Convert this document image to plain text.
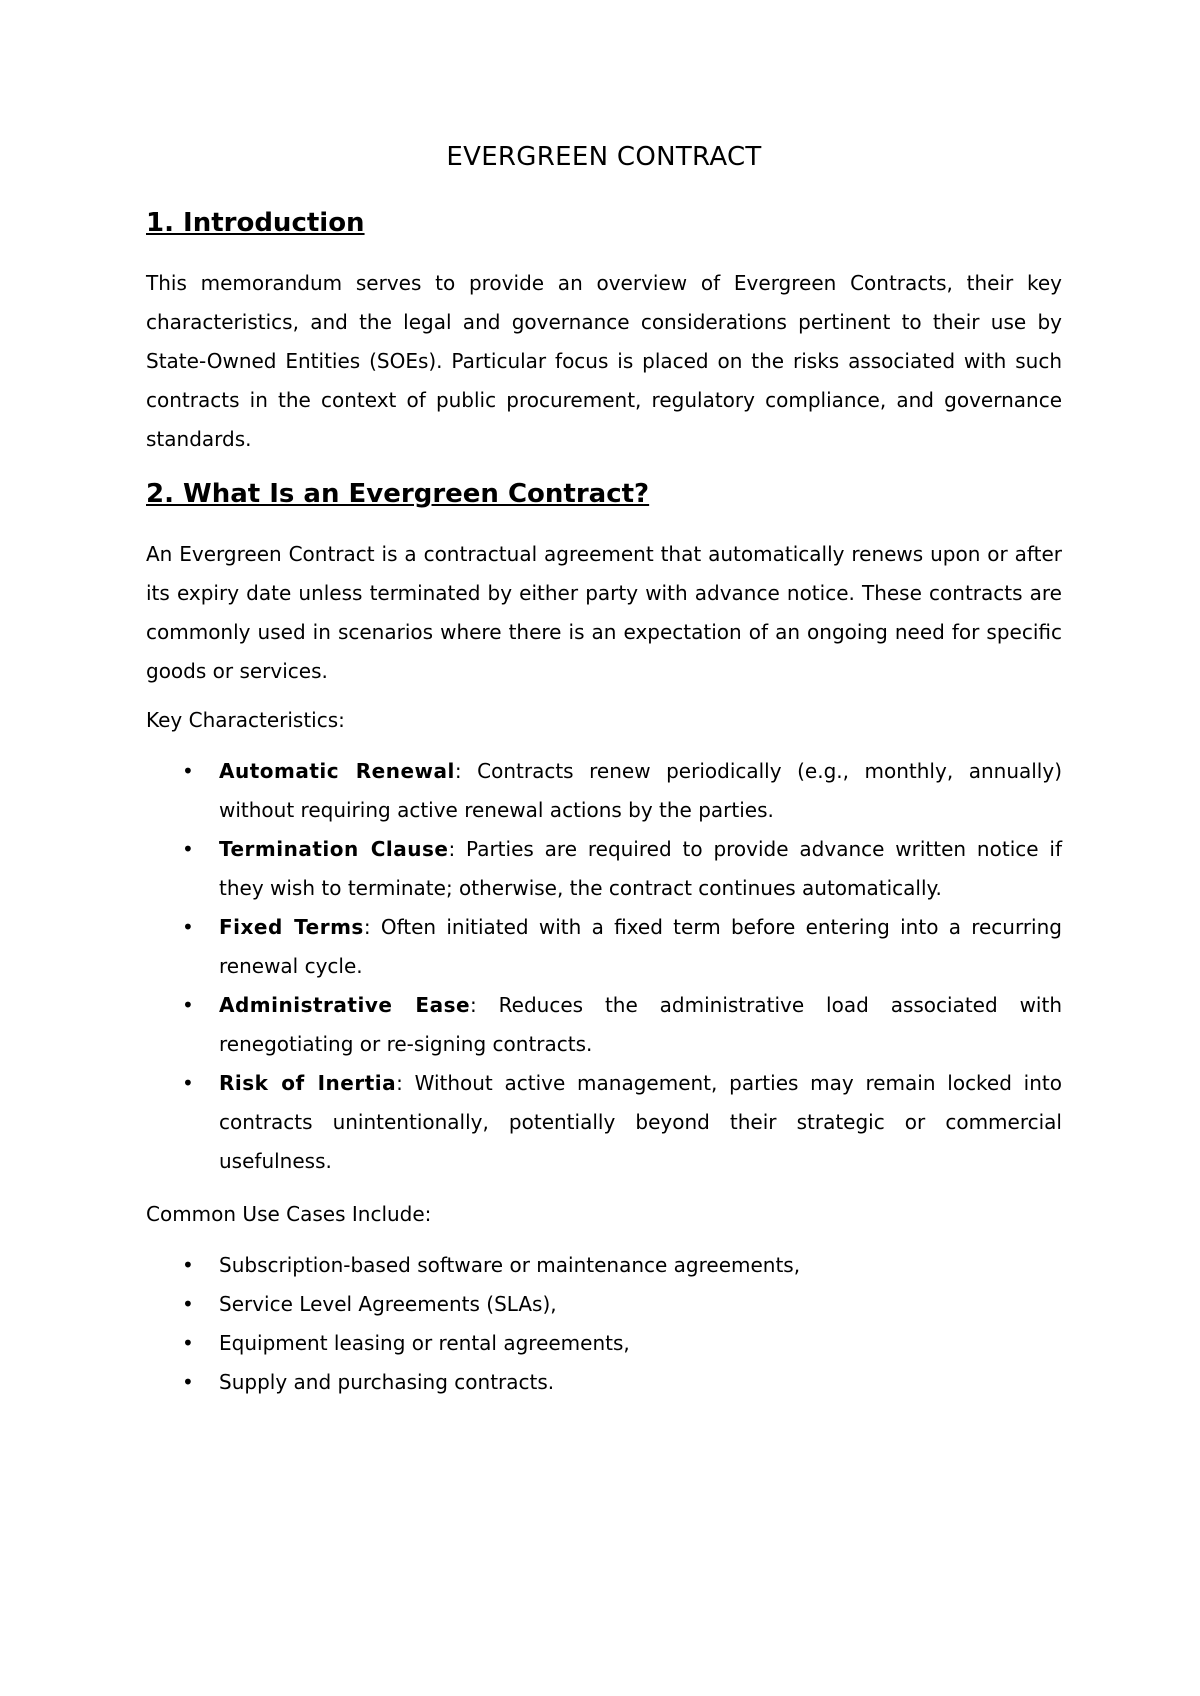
EVERGREEN CONTRACT
1. Introduction

This memorandum serves to provide an overview of Evergreen Contracts, their key characteristics, and the legal and governance considerations pertinent to their use by State-Owned Entities (SOEs). Particular focus is placed on the risks associated with such contracts in the context of public procurement, regulatory compliance, and governance standards.

2. What Is an Evergreen Contract?

An Evergreen Contract is a contractual agreement that automatically renews upon or after its expiry date unless terminated by either party with advance notice. These contracts are commonly used in scenarios where there is an expectation of an ongoing need for specific goods or services.

Key Characteristics:

• Automatic Renewal: Contracts renew periodically (e.g., monthly, annually) without requiring active renewal actions by the parties.
• Termination Clause: Parties are required to provide advance written notice if they wish to terminate; otherwise, the contract continues automatically.
• Fixed Terms: Often initiated with a fixed term before entering into a recurring renewal cycle.
• Administrative Ease: Reduces the administrative load associated with renegotiating or re-signing contracts.
• Risk of Inertia: Without active management, parties may remain locked into contracts unintentionally, potentially beyond their strategic or commercial usefulness.

Common Use Cases Include:

• Subscription-based software or maintenance agreements,
• Service Level Agreements (SLAs),
• Equipment leasing or rental agreements,
• Supply and purchasing contracts.
